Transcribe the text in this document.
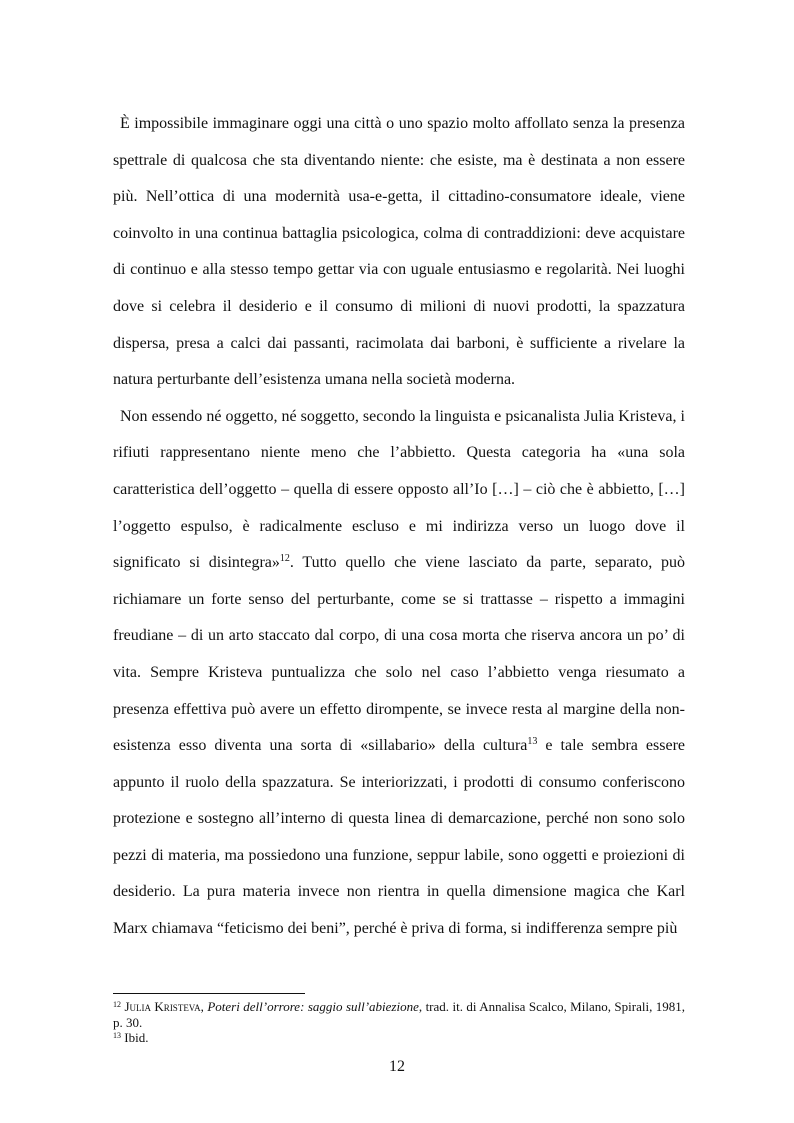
È impossibile immaginare oggi una città o uno spazio molto affollato senza la presenza spettrale di qualcosa che sta diventando niente: che esiste, ma è destinata a non essere più. Nell’ottica di una modernità usa-e-getta, il cittadino-consumatore ideale, viene coinvolto in una continua battaglia psicologica, colma di contraddizioni: deve acquistare di continuo e alla stesso tempo gettar via con uguale entusiasmo e regolarità. Nei luoghi dove si celebra il desiderio e il consumo di milioni di nuovi prodotti, la spazzatura dispersa, presa a calci dai passanti, racimolata dai barboni, è sufficiente a rivelare la natura perturbante dell’esistenza umana nella società moderna.

Non essendo né oggetto, né soggetto, secondo la linguista e psicanalista Julia Kristeva, i rifiuti rappresentano niente meno che l’abbietto. Questa categoria ha «una sola caratteristica dell’oggetto – quella di essere opposto all’Io […] – ciò che è abbietto, […] l’oggetto espulso, è radicalmente escluso e mi indirizza verso un luogo dove il significato si disintegra»$^{12}$. Tutto quello che viene lasciato da parte, separato, può richiamare un forte senso del perturbante, come se si trattasse – rispetto a immagini freudiane – di un arto staccato dal corpo, di una cosa morta che riserva ancora un po’ di vita. Sempre Kristeva puntualizza che solo nel caso l’abbietto venga riesumato a presenza effettiva può avere un effetto dirompente, se invece resta al margine della non-esistenza esso diventa una sorta di «sillabario» della cultura$^{13}$ e tale sembra essere appunto il ruolo della spazzatura. Se interiorizzati, i prodotti di consumo conferiscono protezione e sostegno all’interno di questa linea di demarcazione, perché non sono solo pezzi di materia, ma possiedono una funzione, seppur labile, sono oggetti e proiezioni di desiderio. La pura materia invece non rientra in quella dimensione magica che Karl Marx chiamava “feticismo dei beni”, perché è priva di forma, si indifferenza sempre più

$^{12}$ Julia Kristeva, Poteri dell’orrore: saggio sull’abiezione, trad. it. di Annalisa Scalco, Milano, Spirali, 1981, p. 30.

$^{13}$ Ibid.

12
